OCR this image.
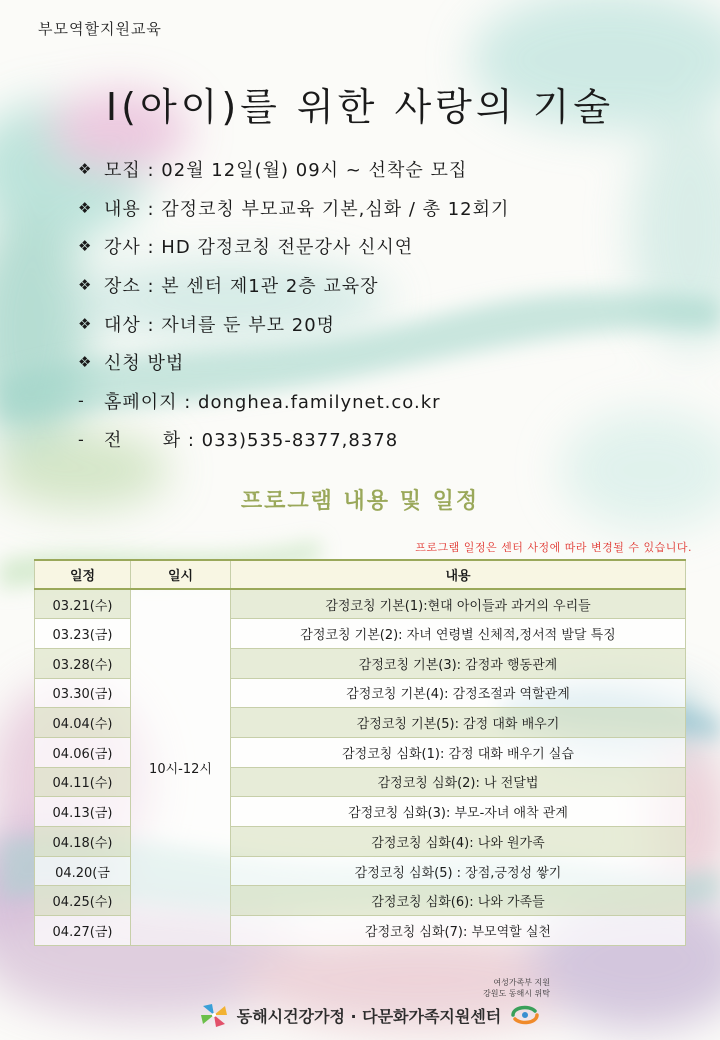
부모역할지원교육
I(아이)를 위한 사랑의 기술
❖ 모집 : 02월 12일(월) 09시 ~ 선착순 모집
❖ 내용 : 감정코칭 부모교육 기본,심화 / 총 12회기
❖ 강사 : HD 감정코칭 전문강사 신시연
❖ 장소 : 본 센터 제1관 2층 교육장
❖ 대상 : 자녀를 둔 부모 20명
❖ 신청 방법
-	홈페이지 : donghea.familynet.co.kr
-	전      화 : 033)535-8377,8378
프로그램 내용 및 일정
프로그램 일정은 센터 사정에 따라 변경될 수 있습니다.
일정	일시	내용
03.21(수)	10시-12시	감정코칭 기본(1):현대 아이들과 과거의 우리들
03.23(금)		감정코칭 기본(2): 자녀 연령별 신체적,정서적 발달 특징
03.28(수)		감정코칭 기본(3): 감정과 행동관계
03.30(금)		감정코칭 기본(4): 감정조절과 역할관계
04.04(수)		감정코칭 기본(5): 감정 대화 배우기
04.06(금)		감정코칭 심화(1): 감정 대화 배우기 실습
04.11(수)		감정코칭 심화(2): 나 전달법
04.13(금)		감정코칭 심화(3): 부모-자녀 애착 관계
04.18(수)		감정코칭 심화(4): 나와 원가족
04.20(금		감정코칭 심화(5) : 장점,긍정성 쌓기
04.25(수)		감정코칭 심화(6): 나와 가족들
04.27(금)		감정코칭 심화(7): 부모역할 실천
여성가족부 지원
강원도 동해시 위탁
동해시건강가정 · 다문화가족지원센터
